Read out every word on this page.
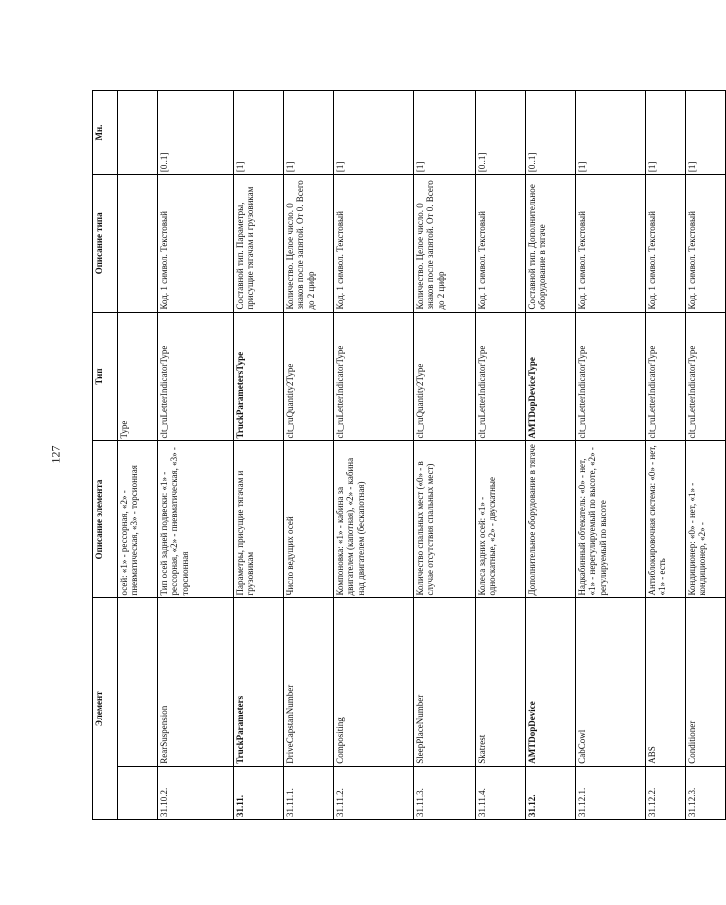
127
Элемент		Описание элемента	Тип	Описание типа	Мн.
		осей: «1» - рессорная, «2» - пневматическая, «3» - торсионная	Type		
31.10.2.	RearSuspension	Тип осей задней подвески: «1» - рессорная, «2» - пневматическая, «3» - торсионная	clt_ruLetterIndicatorType	Код. 1 символ. Текстовый	[0..1]
31.11.	TruckParameters	Параметры, присущие тягачам и грузовикам	TruckParametersType	Составной тип. Параметры, присущие тягачам и грузовикам	[1]
31.11.1.	DriveCapstanNumber	Число ведущих осей	clt_ruQuantity2Type	Количество. Целое число. 0 знаков после запятой. От 0. Всего до 2 цифр	[1]
31.11.2.	Compositing	Компоновка: «1» - кабина за двигателем (капотная), «2» - кабина над двигателем (бескапотная)	clt_ruLetterIndicatorType	Код. 1 символ. Текстовый	[1]
31.11.3.	SleepPlaceNumber	Количество спальных мест («0» - в случае отсутствия спальных мест)	clt_ruQuantity2Type	Количество. Целое число. 0 знаков после запятой. От 0. Всего до 2 цифр	[1]
31.11.4.	Skatrest	Колеса задних осей: «1» - односкатные, «2» - двускатные	clt_ruLetterIndicatorType	Код. 1 символ. Текстовый	[0..1]
31.12.	AMTDopDevice	Дополнительное оборудование в тягаче	AMTDopDeviceType	Составной тип. Дополнительное оборудование в тягаче	[0..1]
31.12.1.	CabCowl	Надкабинный обтекатель: «0» - нет, «1» - нерегулируемый по высоте, «2» - регулируемый по высоте	clt_ruLetterIndicatorType	Код. 1 символ. Текстовый	[1]
31.12.2.	ABS	Антиблокировочная система: «0» - нет, «1» - есть	clt_ruLetterIndicatorType	Код. 1 символ. Текстовый	[1]
31.12.3.	Conditioner	Кондиционер: «0» - нет, «1» - кондиционер, «2» -	clt_ruLetterIndicatorType	Код. 1 символ. Текстовый	[1]
